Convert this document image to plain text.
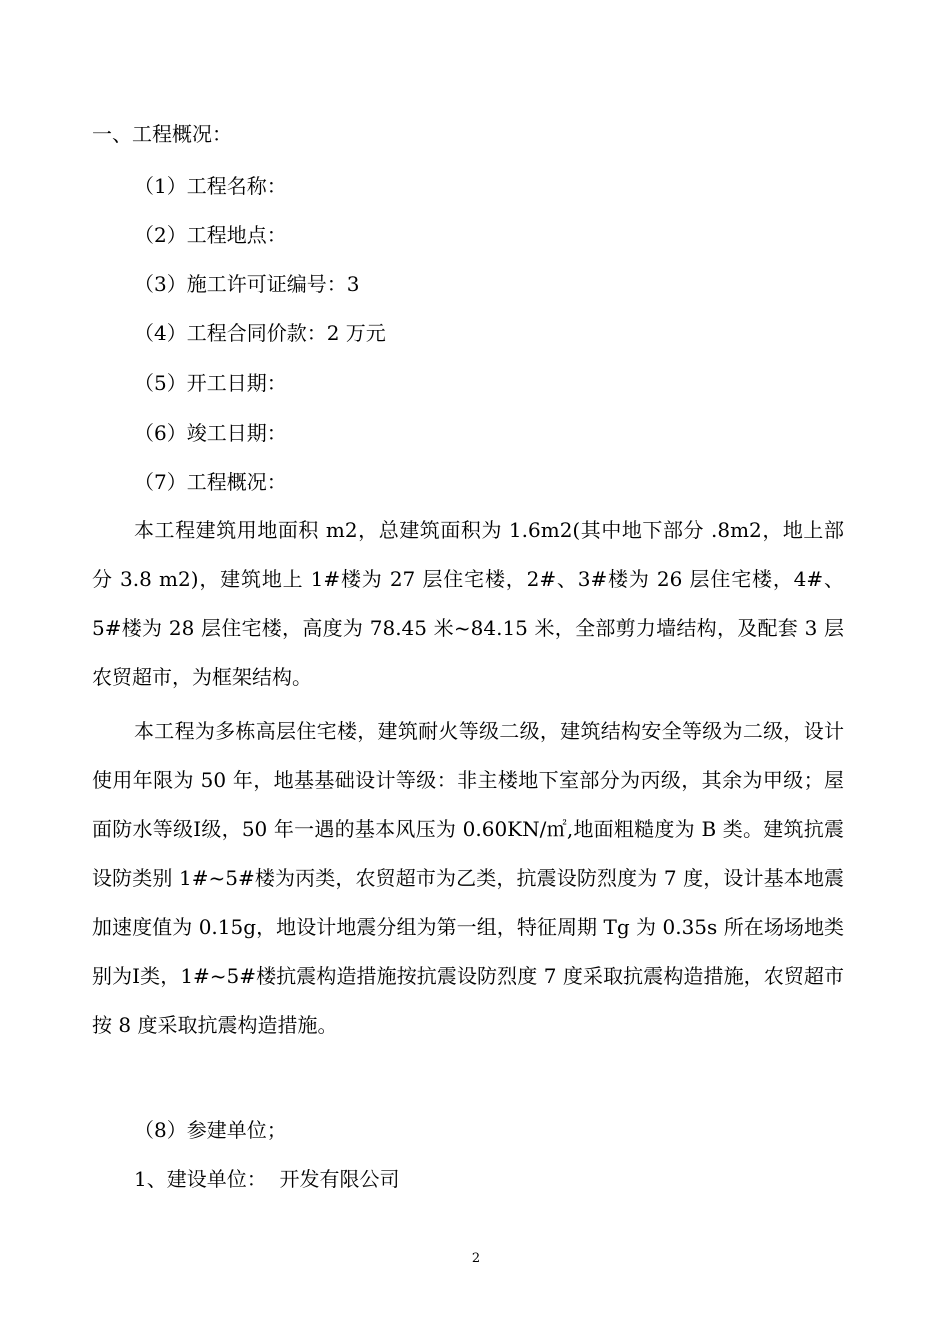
一、工程概况：
（1）工程名称：
（2）工程地点：
（3）施工许可证编号：3
（4）工程合同价款：2 万元
（5）开工日期：
（6）竣工日期：
（7）工程概况：

本工程建筑用地面积 m2，总建筑面积为 1.6m2(其中地下部分 .8m2，地上部分 3.8 m2)，建筑地上 1#楼为 27 层住宅楼，2#、3#楼为 26 层住宅楼，4#、5#楼为 28 层住宅楼，高度为 78.45 米~84.15 米，全部剪力墙结构，及配套 3 层农贸超市，为框架结构。

本工程为多栋高层住宅楼，建筑耐火等级二级，建筑结构安全等级为二级，设计使用年限为 50 年，地基基础设计等级：非主楼地下室部分为丙级，其余为甲级；屋面防水等级Ⅰ级，50 年一遇的基本风压为 0.60KN/㎡,地面粗糙度为 B 类。建筑抗震设防类别 1#~5#楼为丙类，农贸超市为乙类，抗震设防烈度为 7 度，设计基本地震加速度值为 0.15g，地设计地震分组为第一组，特征周期 Tg 为 0.35s 所在场场地类别为Ⅰ类，1#~5#楼抗震构造措施按抗震设防烈度 7 度采取抗震构造措施，农贸超市按 8 度采取抗震构造措施。

（8）参建单位；
1、建设单位：  开发有限公司
2
